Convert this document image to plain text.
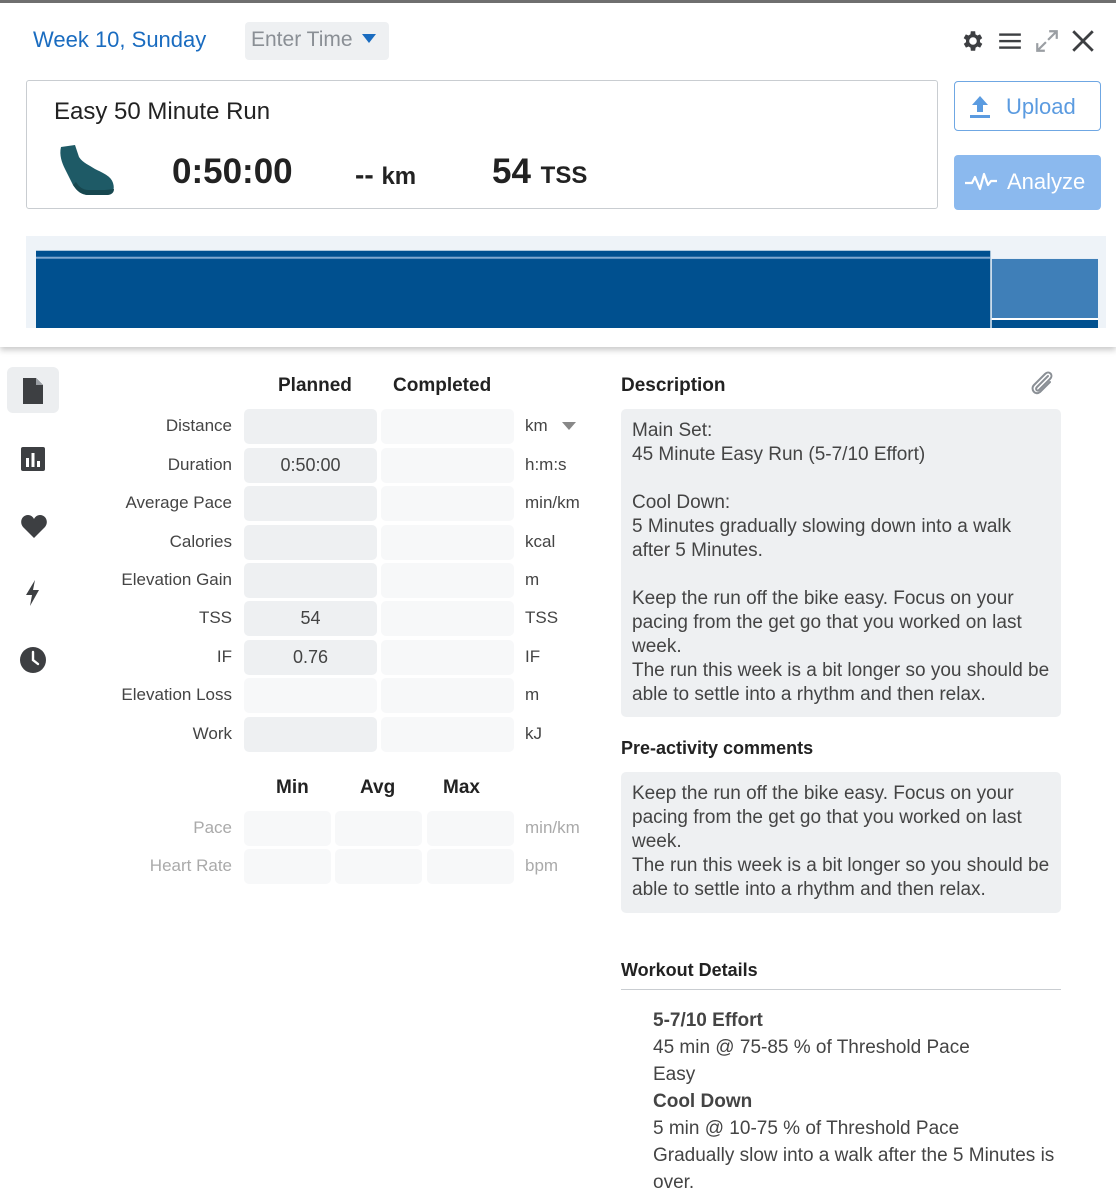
Week 10, Sunday Enter Time
Easy 50 Minute Run
0:50:00 -- km 54 TSS
Upload
Analyze
Planned Completed
Distance	km
Duration	0:50:00	h:m:s
Average Pace	min/km
Calories	kcal
Elevation Gain	m
TSS	54	TSS
IF	0.76	IF
Elevation Loss	m
Work	kJ
Min	Avg	Max
Pace	min/km
Heart Rate	bpm
Description
Main Set:
45 Minute Easy Run (5-7/10 Effort)

Cool Down:
5 Minutes gradually slowing down into a walk after 5 Minutes.

Keep the run off the bike easy. Focus on your pacing from the get go that you worked on last week.
The run this week is a bit longer so you should be able to settle into a rhythm and then relax.
Pre-activity comments
Keep the run off the bike easy. Focus on your pacing from the get go that you worked on last week.
The run this week is a bit longer so you should be able to settle into a rhythm and then relax.
Workout Details
5-7/10 Effort
45 min @ 75-85 % of Threshold Pace
Easy
Cool Down
5 min @ 10-75 % of Threshold Pace
Gradually slow into a walk after the 5 Minutes is over.
